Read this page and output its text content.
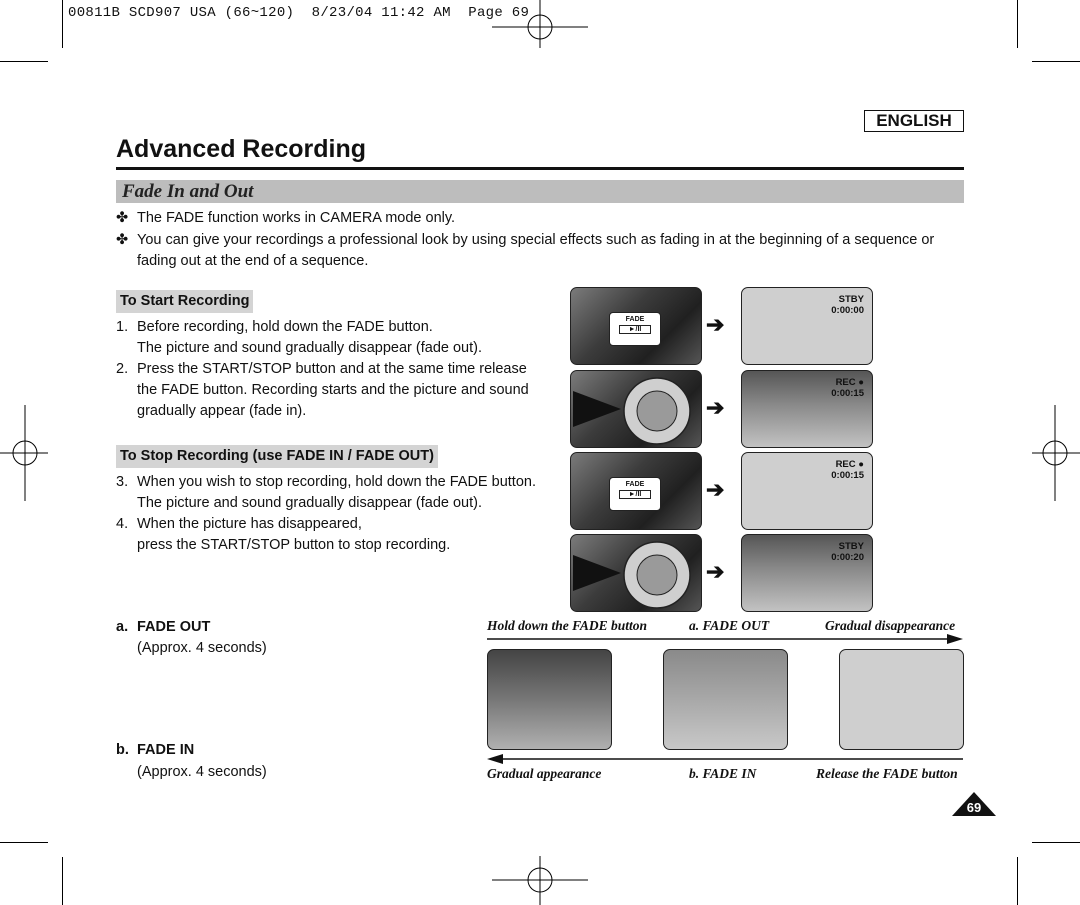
00811B SCD907 USA (66~120)  8/23/04 11:42 AM  Page 69
ENGLISH
Advanced Recording
Fade In and Out
✤ The FADE function works in CAMERA mode only.
✤ You can give your recordings a professional look by using special effects such as fading in at the beginning of a sequence or
fading out at the end of a sequence.
To Start Recording
1. Before recording, hold down the FADE button.
The picture and sound gradually disappear (fade out).
2. Press the START/STOP button and at the same time release
the FADE button. Recording starts and the picture and sound
gradually appear (fade in).
To Stop Recording (use FADE IN / FADE OUT)
3. When you wish to stop recording, hold down the FADE button.
The picture and sound gradually disappear (fade out).
4. When the picture has disappeared,
press the START/STOP button to stop recording.
a. FADE OUT
(Approx. 4 seconds)
b. FADE IN
(Approx. 4 seconds)
FADE
►/II	➔
STBY
0:00:00
➔
REC ●
0:00:15
FADE
►/II	➔
REC ●
0:00:15
➔
STBY
0:00:20
Hold down the FADE button	a. FADE OUT	Gradual disappearance
Gradual appearance	b. FADE IN	Release the FADE button
69
